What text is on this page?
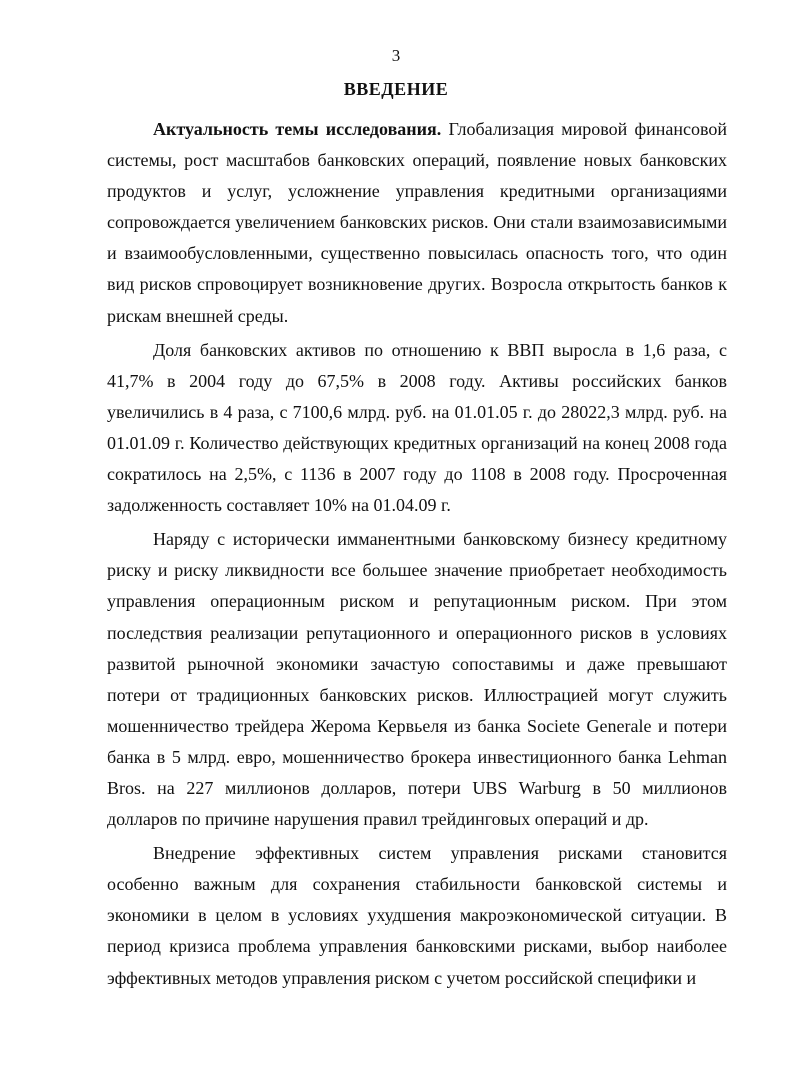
3
ВВЕДЕНИЕ

Актуальность темы исследования. Глобализация мировой финансовой системы, рост масштабов банковских операций, появление новых банковских продуктов и услуг, усложнение управления кредитными организациями сопровождается увеличением банковских рисков. Они стали взаимозависимыми и взаимообусловленными, существенно повысилась опасность того, что один вид рисков спровоцирует возникновение других. Возросла открытость банков к рискам внешней среды.

Доля банковских активов по отношению к ВВП выросла в 1,6 раза, с 41,7% в 2004 году до 67,5% в 2008 году. Активы российских банков увеличились в 4 раза, с 7100,6 млрд. руб. на 01.01.05 г. до 28022,3 млрд. руб. на 01.01.09 г. Количество действующих кредитных организаций на конец 2008 года сократилось на 2,5%, с 1136 в 2007 году до 1108 в 2008 году. Просроченная задолженность составляет 10% на 01.04.09 г.

Наряду с исторически имманентными банковскому бизнесу кредитному риску и риску ликвидности все большее значение приобретает необходимость управления операционным риском и репутационным риском. При этом последствия реализации репутационного и операционного рисков в условиях развитой рыночной экономики зачастую сопоставимы и даже превышают потери от традиционных банковских рисков. Иллюстрацией могут служить мошенничество трейдера Жерома Кервьеля из банка Societe Generale и потери банка в 5 млрд. евро, мошенничество брокера инвестиционного банка Lehman Bros. на 227 миллионов долларов, потери UBS Warburg в 50 миллионов долларов по причине нарушения правил трейдинговых операций и др.

Внедрение эффективных систем управления рисками становится особенно важным для сохранения стабильности банковской системы и экономики в целом в условиях ухудшения макроэкономической ситуации. В период кризиса проблема управления банковскими рисками, выбор наиболее эффективных методов управления риском с учетом российской специфики и
